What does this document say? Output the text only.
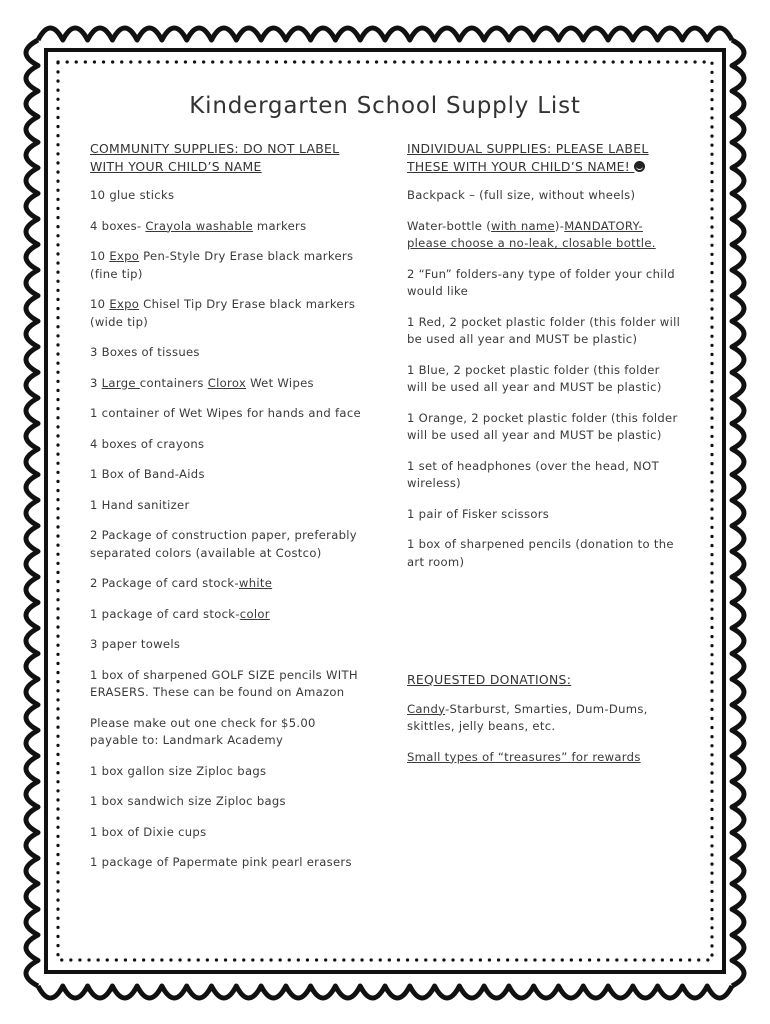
Kindergarten School Supply List

COMMUNITY SUPPLIES: DO NOT LABEL WITH YOUR CHILD’S NAME

10 glue sticks

4 boxes- Crayola washable markers

10 Expo Pen-Style Dry Erase black markers (fine tip)

10 Expo Chisel Tip Dry Erase black markers (wide tip)

3 Boxes of tissues

3 Large containers Clorox Wet Wipes

1 container of Wet Wipes for hands and face

4 boxes of crayons

1 Box of Band-Aids

1 Hand sanitizer

2 Package of construction paper, preferably separated colors (available at Costco)

2 Package of card stock-white

1 package of card stock-color

3 paper towels

1 box of sharpened GOLF SIZE pencils WITH ERASERS. These can be found on Amazon

Please make out one check for $5.00 payable to: Landmark Academy

1 box gallon size Ziploc bags

1 box sandwich size Ziploc bags

1 box of Dixie cups

1 package of Papermate pink pearl erasers

INDIVIDUAL SUPPLIES: PLEASE LABEL THESE WITH YOUR CHILD’S NAME!

Backpack – (full size, without wheels)

Water-bottle (with name)-MANDATORY- please choose a no-leak, closable bottle.

2 “Fun” folders-any type of folder your child would like

1 Red, 2 pocket plastic folder (this folder will be used all year and MUST be plastic)

1 Blue, 2 pocket plastic folder (this folder will be used all year and MUST be plastic)

1 Orange, 2 pocket plastic folder (this folder will be used all year and MUST be plastic)

1 set of headphones (over the head, NOT wireless)

1 pair of Fisker scissors

1 box of sharpened pencils (donation to the art room)

REQUESTED DONATIONS:

Candy-Starburst, Smarties, Dum-Dums, skittles, jelly beans, etc.

Small types of “treasures” for rewards
